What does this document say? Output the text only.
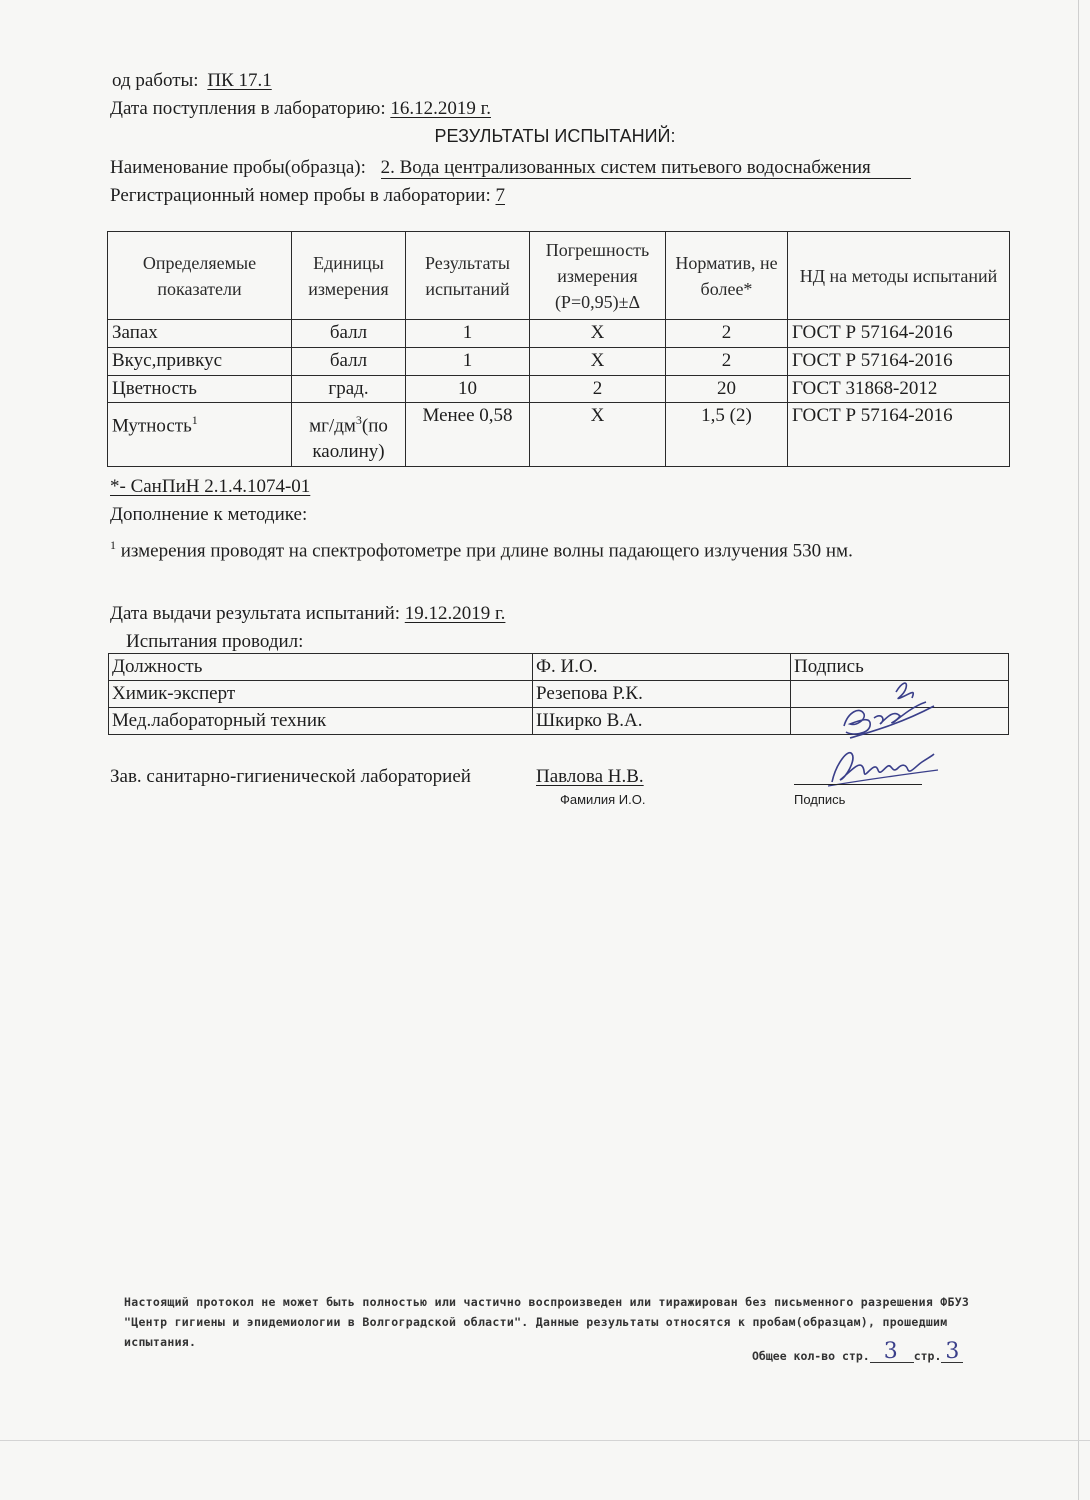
од работы: ПК 17.1
Дата поступления в лабораторию: 16.12.2019 г.
РЕЗУЛЬТАТЫ ИСПЫТАНИЙ:
Наименование пробы(образца): 2. Вода централизованных систем питьевого водоснабжения
Регистрационный номер пробы в лаборатории: 7
Определяемые показатели	Единицы измерения	Результаты испытаний	Погрешность измерения (Р=0,95)±Δ	Норматив, не более*	НД на методы испытаний
Запах	балл	1	Х	2	ГОСТ Р 57164-2016
Вкус,привкус	балл	1	Х	2	ГОСТ Р 57164-2016
Цветность	град.	10	2	20	ГОСТ 31868-2012
Мутность$^1$	$мг/дм^3(по$ каолину)	Менее 0,58	Х	1,5 (2)	ГОСТ Р 57164-2016
*- СанПиН 2.1.4.1074-01
Дополнение к методике:
$^1$ измерения проводят на спектрофотометре при длине волны падающего излучения 530 нм.
Дата выдачи результата испытаний: 19.12.2019 г.
Испытания проводил:
Должность	Ф. И.О.	Подпись
Химик-эксперт	Резепова Р.К.	
Мед.лабораторный техник	Шкирко В.А.	
Зав. санитарно-гигиенической лабораторией	Павлова Н.В.
Фамилия И.О.	Подпись
Настоящий протокол не может быть полностью или частично воспроизведен или тиражирован без письменного разрешения ФБУЗ "Центр гигиены и эпидемиологии в Волгоградской области". Данные результаты относятся к пробам(образцам), прошедшим испытания.
Общее кол-во стр. 3 стр. 3
